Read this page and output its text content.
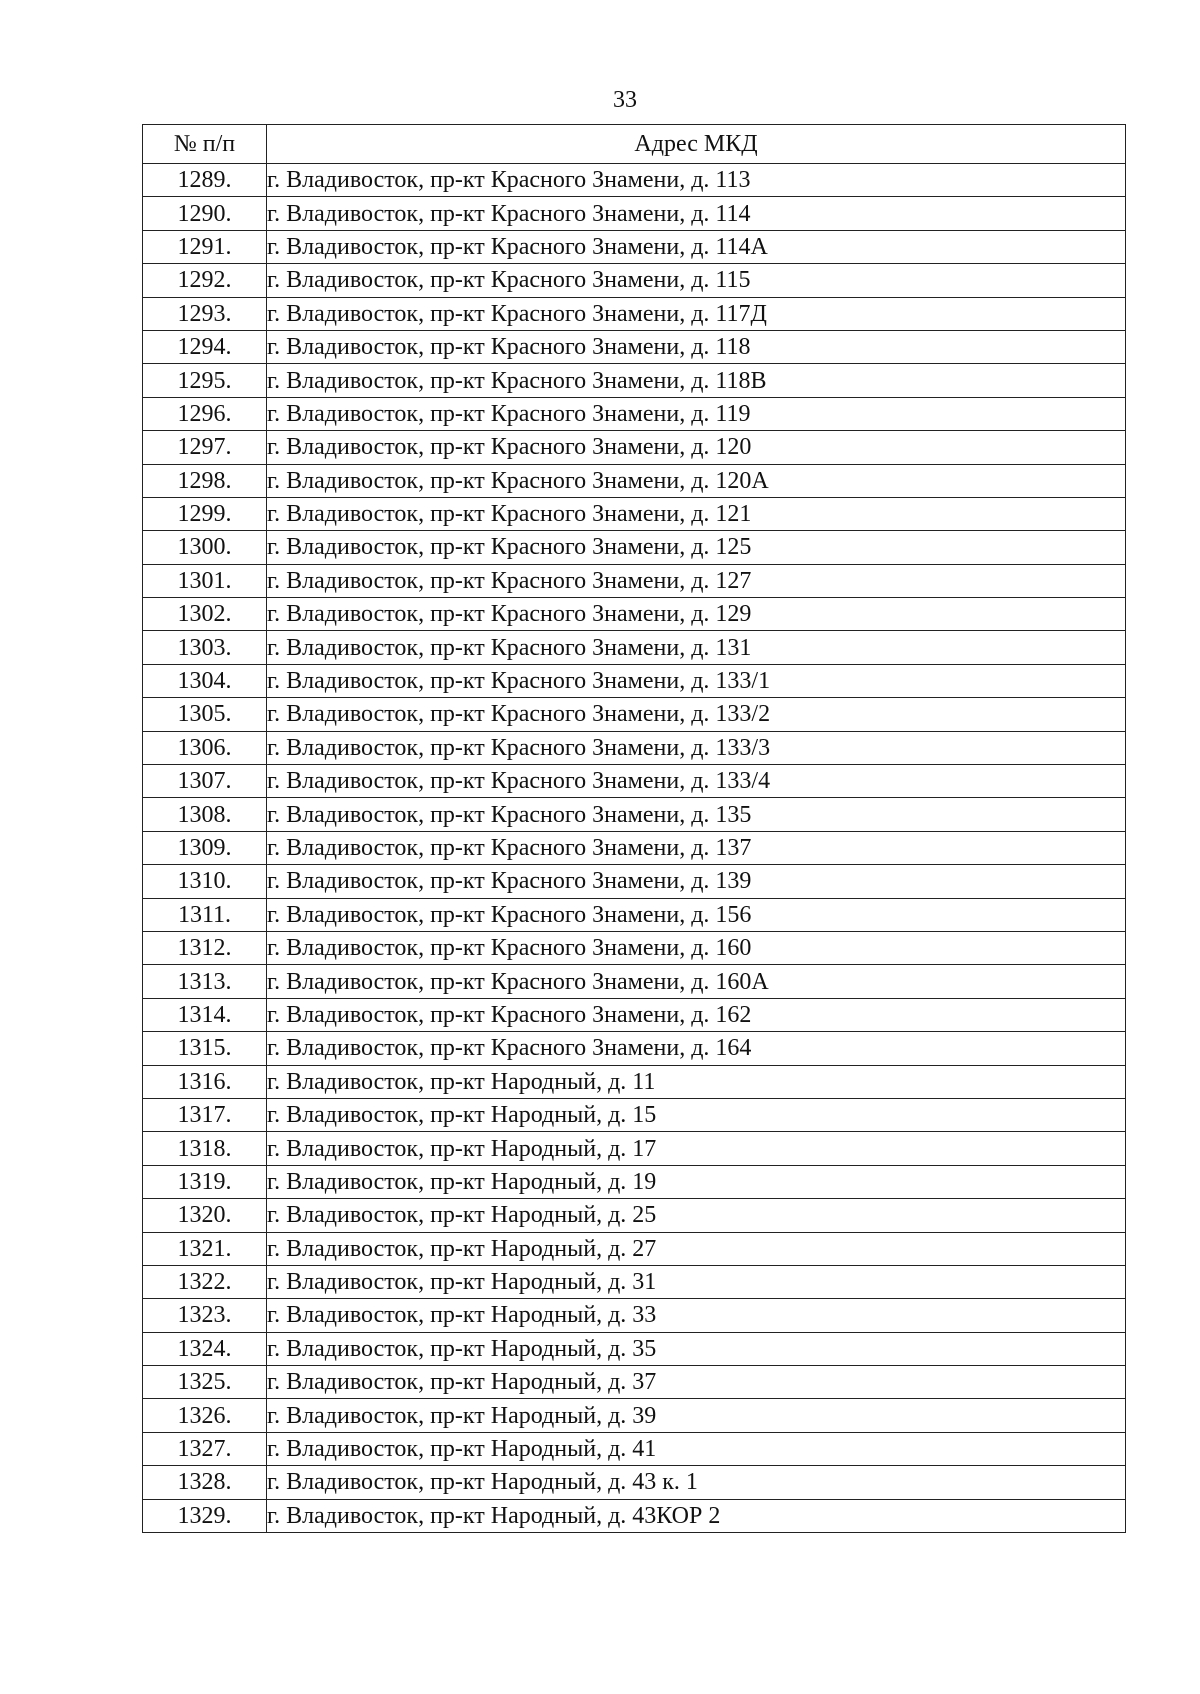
33
№ п/п	Адрес МКД
1289.	г. Владивосток, пр-кт Красного Знамени, д. 113
1290.	г. Владивосток, пр-кт Красного Знамени, д. 114
1291.	г. Владивосток, пр-кт Красного Знамени, д. 114А
1292.	г. Владивосток, пр-кт Красного Знамени, д. 115
1293.	г. Владивосток, пр-кт Красного Знамени, д. 117Д
1294.	г. Владивосток, пр-кт Красного Знамени, д. 118
1295.	г. Владивосток, пр-кт Красного Знамени, д. 118В
1296.	г. Владивосток, пр-кт Красного Знамени, д. 119
1297.	г. Владивосток, пр-кт Красного Знамени, д. 120
1298.	г. Владивосток, пр-кт Красного Знамени, д. 120А
1299.	г. Владивосток, пр-кт Красного Знамени, д. 121
1300.	г. Владивосток, пр-кт Красного Знамени, д. 125
1301.	г. Владивосток, пр-кт Красного Знамени, д. 127
1302.	г. Владивосток, пр-кт Красного Знамени, д. 129
1303.	г. Владивосток, пр-кт Красного Знамени, д. 131
1304.	г. Владивосток, пр-кт Красного Знамени, д. 133/1
1305.	г. Владивосток, пр-кт Красного Знамени, д. 133/2
1306.	г. Владивосток, пр-кт Красного Знамени, д. 133/3
1307.	г. Владивосток, пр-кт Красного Знамени, д. 133/4
1308.	г. Владивосток, пр-кт Красного Знамени, д. 135
1309.	г. Владивосток, пр-кт Красного Знамени, д. 137
1310.	г. Владивосток, пр-кт Красного Знамени, д. 139
1311.	г. Владивосток, пр-кт Красного Знамени, д. 156
1312.	г. Владивосток, пр-кт Красного Знамени, д. 160
1313.	г. Владивосток, пр-кт Красного Знамени, д. 160А
1314.	г. Владивосток, пр-кт Красного Знамени, д. 162
1315.	г. Владивосток, пр-кт Красного Знамени, д. 164
1316.	г. Владивосток, пр-кт Народный, д. 11
1317.	г. Владивосток, пр-кт Народный, д. 15
1318.	г. Владивосток, пр-кт Народный, д. 17
1319.	г. Владивосток, пр-кт Народный, д. 19
1320.	г. Владивосток, пр-кт Народный, д. 25
1321.	г. Владивосток, пр-кт Народный, д. 27
1322.	г. Владивосток, пр-кт Народный, д. 31
1323.	г. Владивосток, пр-кт Народный, д. 33
1324.	г. Владивосток, пр-кт Народный, д. 35
1325.	г. Владивосток, пр-кт Народный, д. 37
1326.	г. Владивосток, пр-кт Народный, д. 39
1327.	г. Владивосток, пр-кт Народный, д. 41
1328.	г. Владивосток, пр-кт Народный, д. 43 к. 1
1329.	г. Владивосток, пр-кт Народный, д. 43КОР 2
